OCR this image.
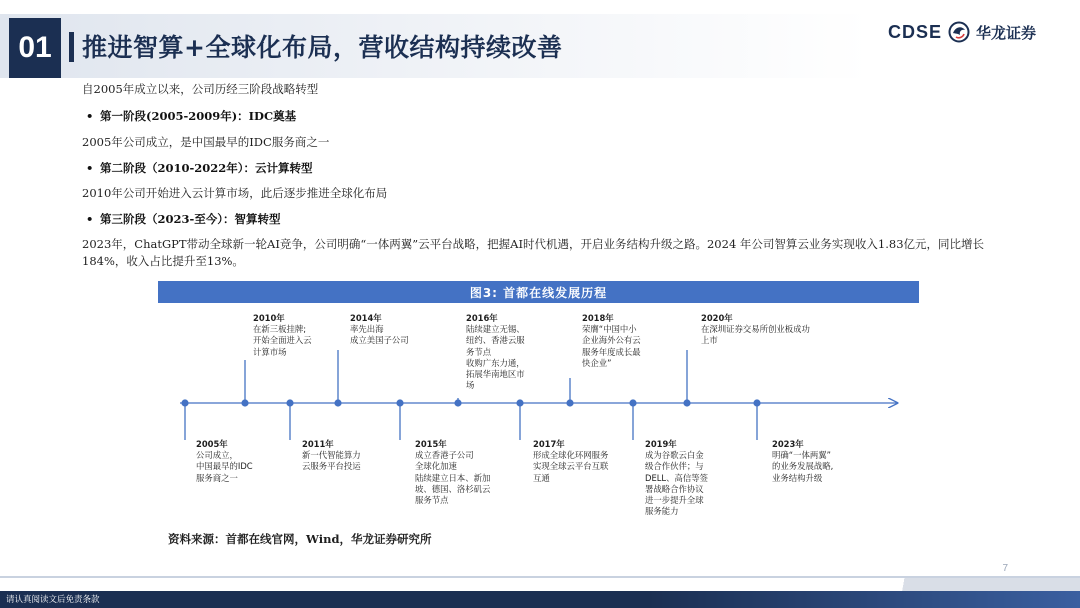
01	推进智算+全球化布局，营收结构持续改善
CDSE 华龙证券
自2005年成立以来，公司历经三阶段战略转型
• 第一阶段(2005-2009年)：IDC奠基
2005年公司成立，是中国最早的IDC服务商之一
• 第二阶段（2010-2022年）：云计算转型
2010年公司开始进入云计算市场，此后逐步推进全球化布局
• 第三阶段（2023-至今）：智算转型
2023年，ChatGPT带动全球新一轮AI竞争，公司明确“一体两翼”云平台战略，把握AI时代机遇，开启业务结构升级之路。2024 年公司智算云业务实现收入1.83亿元，同比增长184%，收入占比提升至13%。
图3: 首都在线发展历程
2010年
在新三板挂牌;
开始全面进入云
计算市场
2014年
率先出海
成立美国子公司
2016年
陆续建立无锡、
纽约、香港云服
务节点
收购广东力通，
拓展华南地区市
场
2018年
荣膺“中国中小
企业海外公有云
服务年度成长最
快企业”
2020年
在深圳证券交易所创业板成功
上市
2005年
公司成立，
中国最早的IDC
服务商之一
2011年
新一代智能算力
云服务平台投运
2015年
成立香港子公司
全球化加速
陆续建立日本、新加
坡、德国、洛杉矶云
服务节点
2017年
形成全球化环网服务
实现全球云平台互联
互通
2019年
成为谷歌云白金
级合作伙伴；与
DELL、高信等签
署战略合作协议
进一步提升全球
服务能力
2023年
明确“一体两翼”
的业务发展战略,
业务结构升级
资料来源：首都在线官网，Wind，华龙证券研究所
7
请认真阅读文后免责条款
